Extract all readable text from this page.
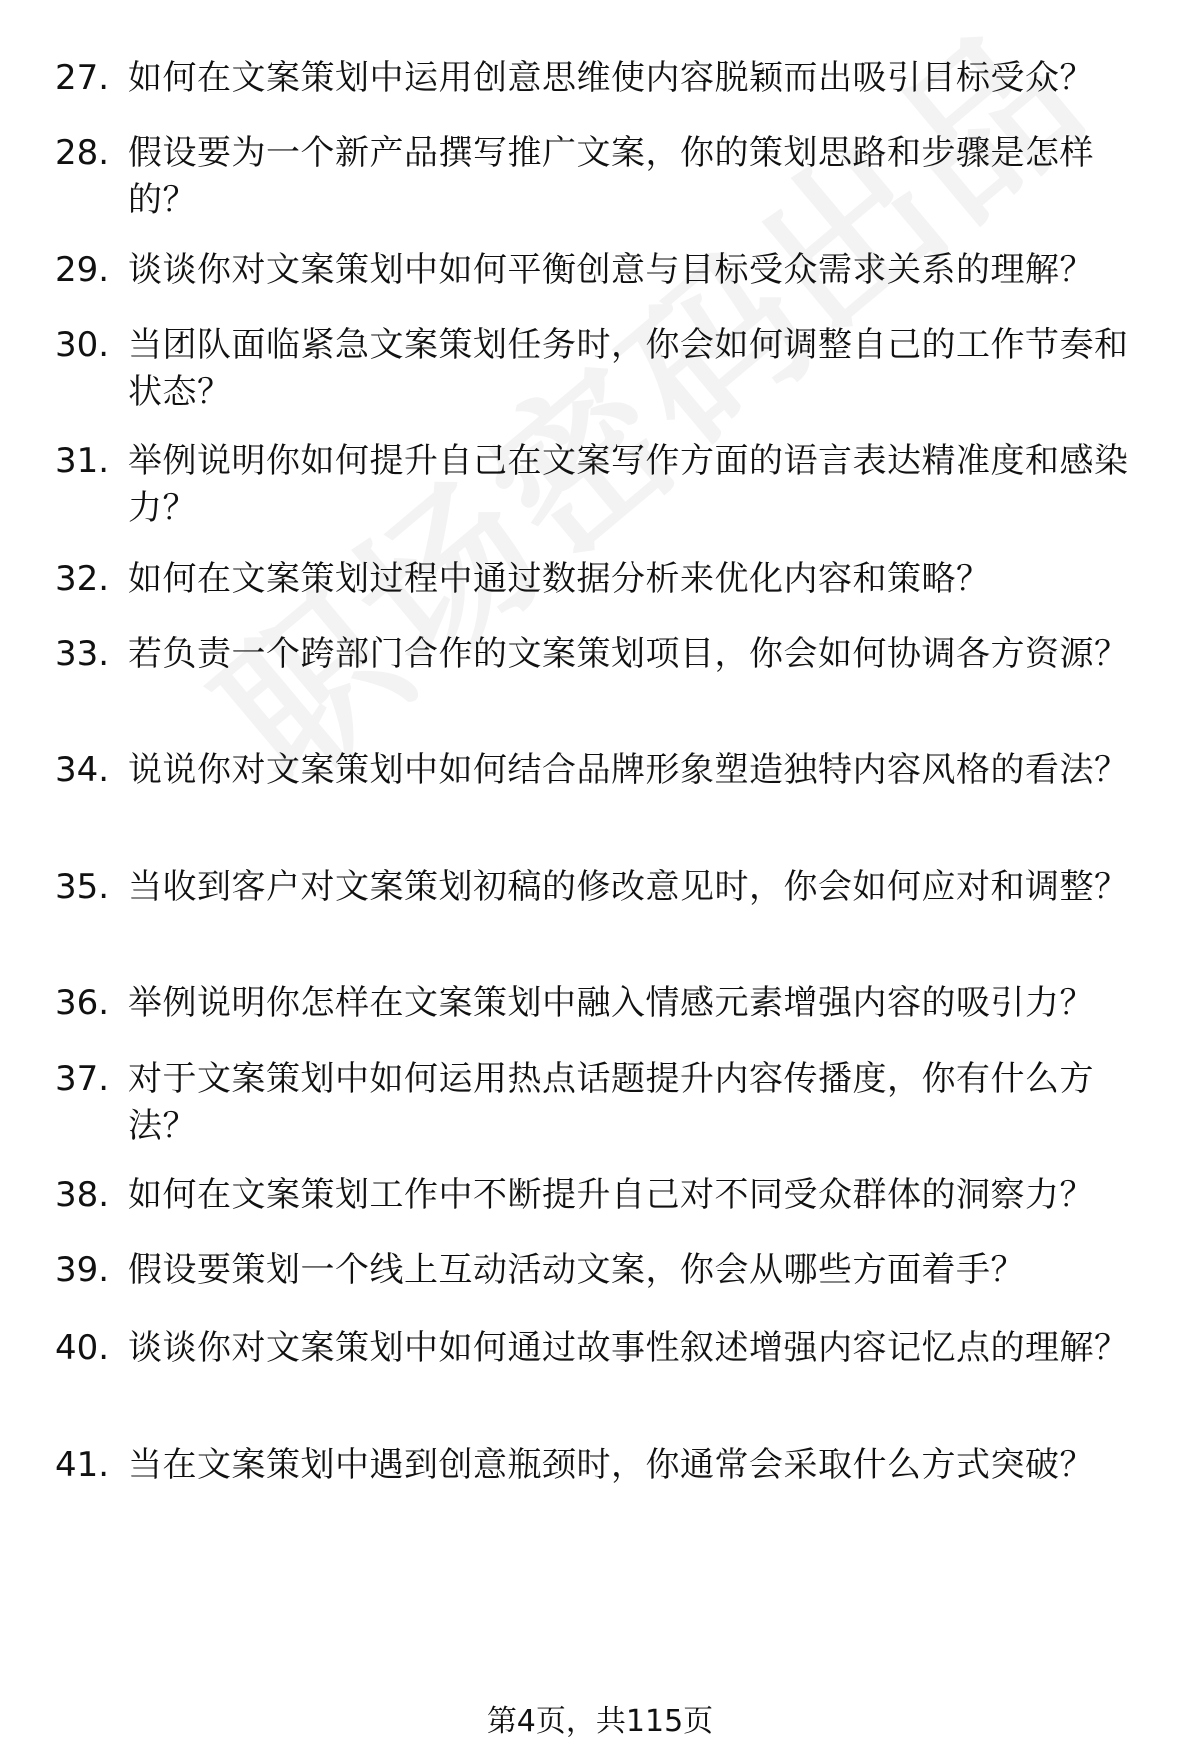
27. 如何在文案策划中运用创意思维使内容脱颖而出吸引目标受众？
28. 假设要为一个新产品撰写推广文案，你的策划思路和步骤是怎样的？
29. 谈谈你对文案策划中如何平衡创意与目标受众需求关系的理解？
30. 当团队面临紧急文案策划任务时，你会如何调整自己的工作节奏和状态？
31. 举例说明你如何提升自己在文案写作方面的语言表达精准度和感染力？
32. 如何在文案策划过程中通过数据分析来优化内容和策略？
33. 若负责一个跨部门合作的文案策划项目，你会如何协调各方资源？
34. 说说你对文案策划中如何结合品牌形象塑造独特内容风格的看法？
35. 当收到客户对文案策划初稿的修改意见时，你会如何应对和调整？
36. 举例说明你怎样在文案策划中融入情感元素增强内容的吸引力？
37. 对于文案策划中如何运用热点话题提升内容传播度，你有什么方法？
38. 如何在文案策划工作中不断提升自己对不同受众群体的洞察力？
39. 假设要策划一个线上互动活动文案，你会从哪些方面着手？
40. 谈谈你对文案策划中如何通过故事性叙述增强内容记忆点的理解？
41. 当在文案策划中遇到创意瓶颈时，你通常会采取什么方式突破？
第4页，共115页
